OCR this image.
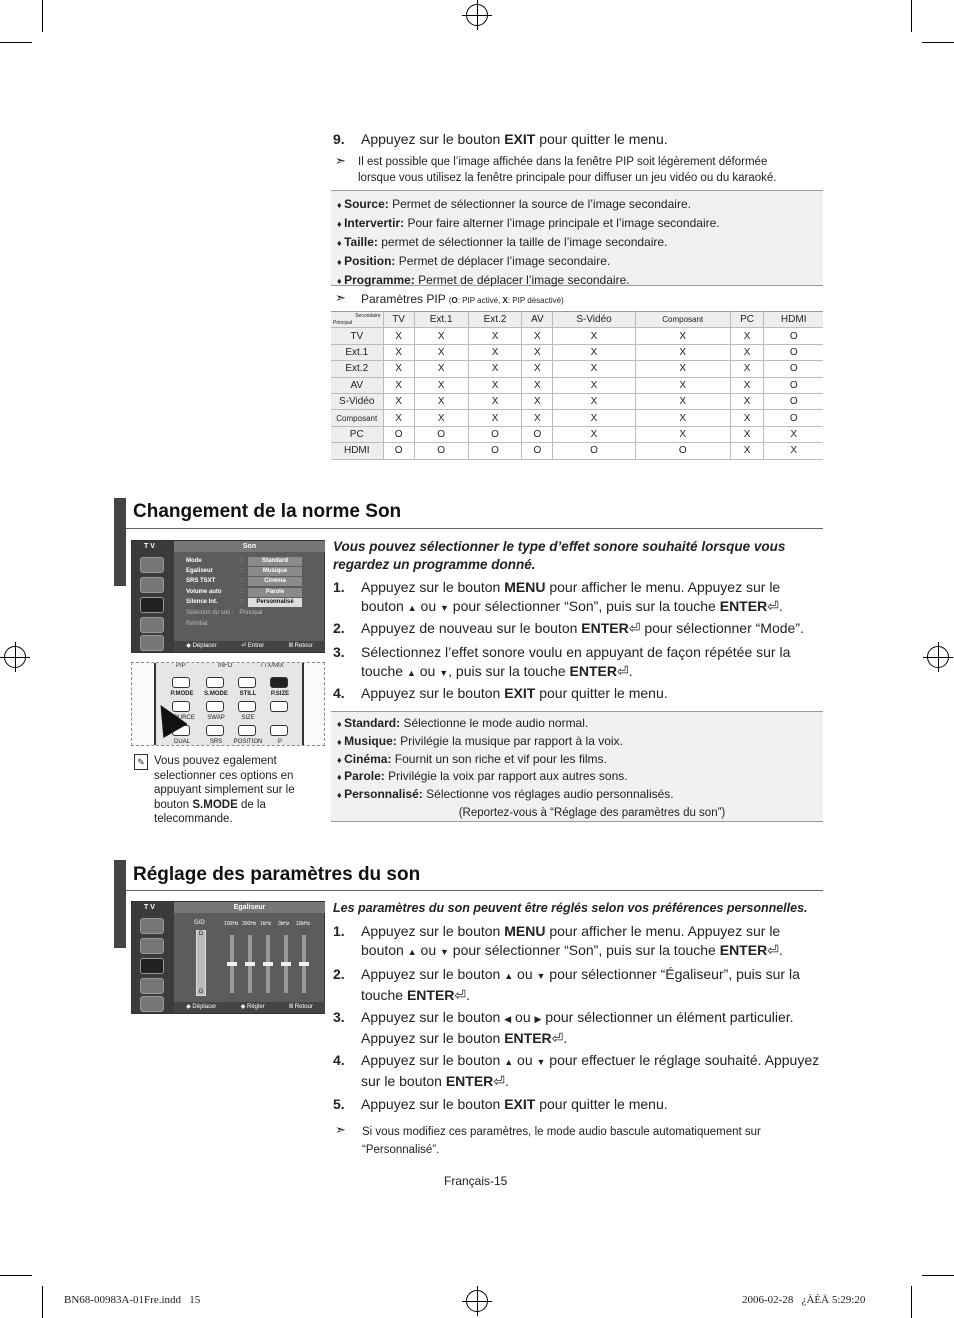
9. Appuyez sur le bouton EXIT pour quitter le menu.
➣ Il est possible que l’image affichée dans la fenêtre PIP soit légèrement déformée lorsque vous utilisez la fenêtre principale pour diffuser un jeu vidéo ou du karaoké.
♦ Source: Permet de sélectionner la source de l’image secondaire.
♦ Intervertir: Pour faire alterner l’image principale et l’image secondaire.
♦ Taille: permet de sélectionner la taille de l’image secondaire.
♦ Position: Permet de déplacer l’image secondaire.
♦ Programme: Permet de déplacer l’image secondaire.
➣ Paramètres PIP (O: PIP activé, X: PIP désactivé)
Secondaire
Principal	TV	Ext.1	Ext.2	AV	S-Vidéo	Composant	PC	HDMI
TV	X	X	X	X	X	X	X	O
Ext.1	X	X	X	X	X	X	X	O
Ext.2	X	X	X	X	X	X	X	O
AV	X	X	X	X	X	X	X	O
S-Vidéo	X	X	X	X	X	X	X	O
Composant	X	X	X	X	X	X	X	O
PC	O	O	O	O	X	X	X	X
HDMI	O	O	O	O	O	O	X	X
Changement de la norme Son
T V	Son
Mode	:	Standard
Egaliseur	:	Musique
SRS TSXT	:	Cinéma
Volume auto	:	Parole
Silence Int.	:	Personnalisé
Sélection du son : Principal
Réinitial.
◆ Déplacer	⏎ Entrer	Ⅲ Retour
PIP	INFO	TTX/MIX
P.MODE	S.MODE	STILL	P.SIZE
SOURCE	SWAP	SIZE
DUAL	SRS	POSITION	P
✎ Vous pouvez egalement selectionner ces options en appuyant simplement sur le bouton S.MODE de la telecommande.
Vous pouvez sélectionner le type d’effet sonore souhaité lorsque vous regardez un programme donné.
1. Appuyez sur le bouton MENU pour afficher le menu. Appuyez sur le bouton ▲ ou ▼ pour sélectionner “Son”, puis sur la touche ENTER⏎.
2. Appuyez de nouveau sur le bouton ENTER⏎ pour sélectionner “Mode”.
3. Sélectionnez l’effet sonore voulu en appuyant de façon répétée sur la touche ▲ ou ▼, puis sur la touche ENTER⏎.
4. Appuyez sur le bouton EXIT pour quitter le menu.
♦ Standard: Sélectionne le mode audio normal.
♦ Musique: Privilégie la musique par rapport à la voix.
♦ Cinéma: Fournit un son riche et vif pour les films.
♦ Parole: Privilégie la voix par rapport aux autres sons.
♦ Personnalisé: Sélectionne vos réglages audio personnalisés.
(Reportez-vous à “Réglage des paramètres du son”)
Réglage des paramètres du son
T V	Egaliseur
G/D
D
G
100Hz 300Hz 1kHz 3kHz 10kHz
◆ Déplacer	◆ Régler	Ⅲ Retour
Les paramètres du son peuvent être réglés selon vos préférences personnelles.
1. Appuyez sur le bouton MENU pour afficher le menu. Appuyez sur le bouton ▲ ou ▼ pour sélectionner “Son”, puis sur la touche ENTER⏎.
2. Appuyez sur le bouton ▲ ou ▼ pour sélectionner “Égaliseur”, puis sur la touche ENTER⏎.
3. Appuyez sur le bouton ◀ ou ▶ pour sélectionner un élément particulier. Appuyez sur le bouton ENTER⏎.
4. Appuyez sur le bouton ▲ ou ▼ pour effectuer le réglage souhaité. Appuyez sur le bouton ENTER⏎.
5. Appuyez sur le bouton EXIT pour quitter le menu.
➣ Si vous modifiez ces paramètres, le mode audio bascule automatiquement sur “Personnalisé”.
Français-15
BN68-00983A-01Fre.indd   15	2006-02-28   ¿ÀÈÄ 5:29:20
